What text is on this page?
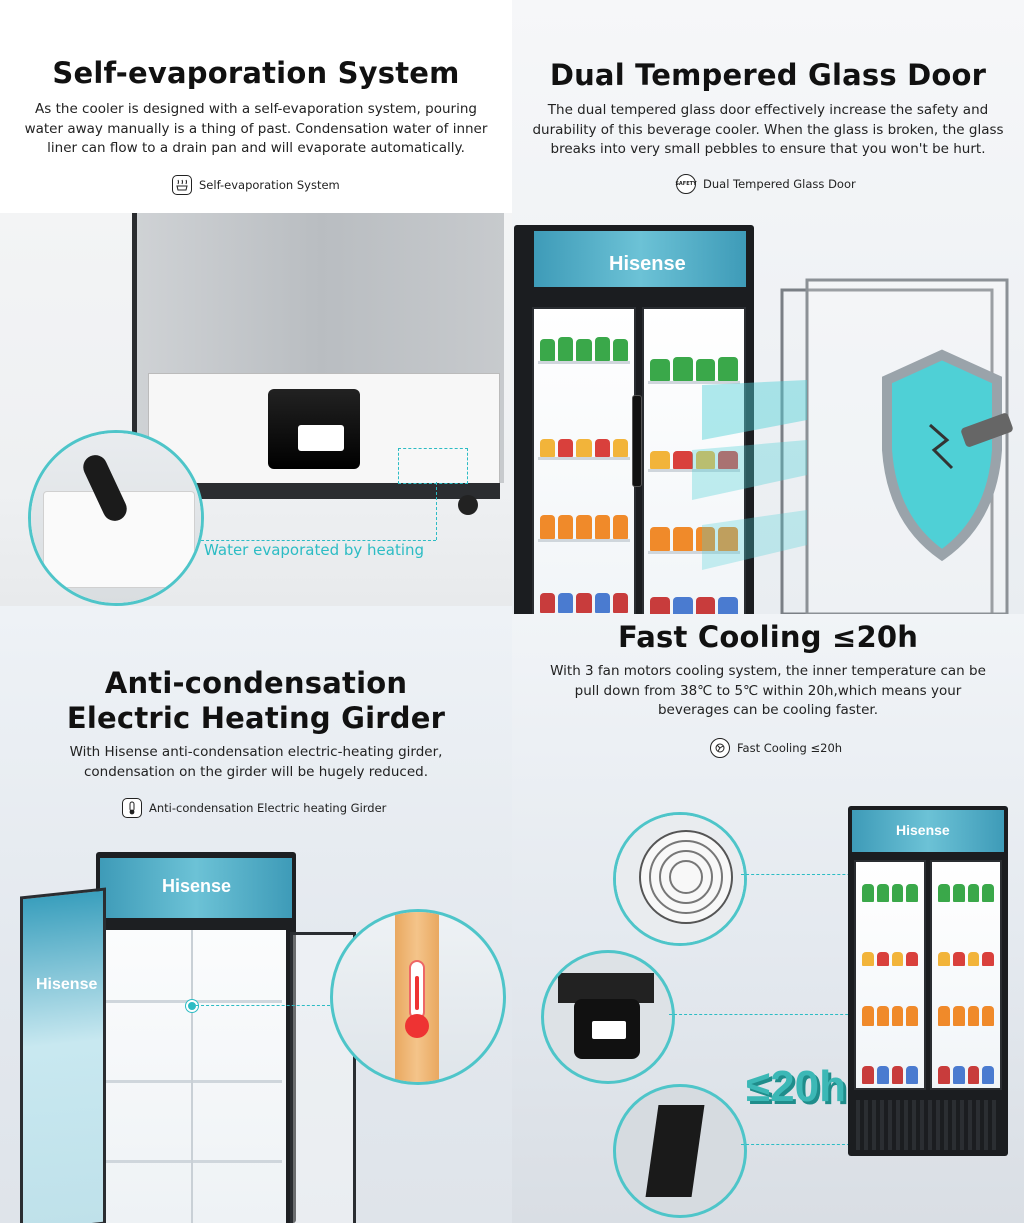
Self-evaporation System
As the cooler is designed with a self-evaporation system, pouring water away manually is a thing of past. Condensation water of inner liner can flow to a drain pan and will evaporate automatically.
Self-evaporation System
Water evaporated by heating
Dual Tempered Glass Door
The dual tempered glass door effectively increase the safety and durability of this beverage cooler. When the glass is broken, the glass breaks into very small pebbles to ensure that you won't be hurt.
SAFETY Dual Tempered Glass Door
Hisense
Anti-condensation
Electric Heating Girder
With Hisense anti-condensation electric-heating girder, condensation on the girder will be hugely reduced.
Anti-condensation Electric heating Girder
Hisense
Hisense
Fast Cooling ≤20h
With 3 fan motors cooling system, the inner temperature can be pull down from 38℃ to 5℃ within 20h,which means your beverages can be cooling faster.
Fast Cooling ≤20h
≤20h
Hisense
